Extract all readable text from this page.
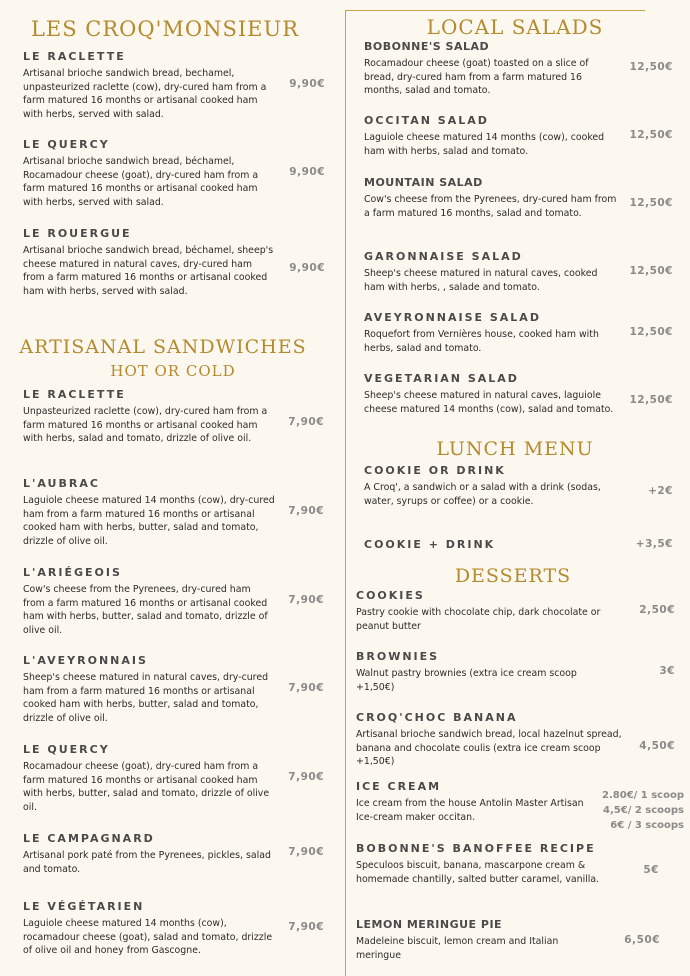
LES CROQ'MONSIEUR
LE RACLETTE
Artisanal brioche sandwich bread, bechamel, unpasteurized raclette (cow), dry-cured ham from a farm matured 16 months or artisanal cooked ham with herbs, served with salad.
9,90€
LE QUERCY
Artisanal brioche sandwich bread, béchamel, Rocamadour cheese (goat), dry-cured ham from a farm matured 16 months or artisanal cooked ham with herbs, served with salad.
9,90€
LE ROUERGUE
Artisanal brioche sandwich bread, béchamel, sheep's cheese matured in natural caves, dry-cured ham from a farm matured 16 months or artisanal cooked ham with herbs, served with salad.
9,90€
ARTISANAL SANDWICHES
HOT OR COLD
LE RACLETTE
Unpasteurized raclette (cow), dry-cured ham from a farm matured 16 months or artisanal cooked ham with herbs, salad and tomato, drizzle of olive oil.
7,90€
L'AUBRAC
Laguiole cheese matured 14 months (cow), dry-cured ham from a farm matured 16 months or artisanal cooked ham with herbs, butter, salad and tomato, drizzle of olive oil.
7,90€
L'ARIÉGEOIS
Cow's cheese from the Pyrenees, dry-cured ham from a farm matured 16 months or artisanal cooked ham with herbs, butter, salad and tomato, drizzle of olive oil.
7,90€
L'AVEYRONNAIS
Sheep's cheese matured in natural caves, dry-cured ham from a farm matured 16 months or artisanal cooked ham with herbs, butter, salad and tomato, drizzle of olive oil.
7,90€
LE QUERCY
Rocamadour cheese (goat), dry-cured ham from a farm matured 16 months or artisanal cooked ham with herbs, butter, salad and tomato, drizzle of olive oil.
7,90€
LE CAMPAGNARD
Artisanal pork paté from the Pyrenees, pickles, salad and tomato.
7,90€
LE VÉGÉTARIEN
Laguiole cheese matured 14 months (cow), rocamadour cheese (goat), salad and tomato, drizzle of olive oil and honey from Gascogne.
7,90€
LOCAL SALADS
BOBONNE'S SALAD
Rocamadour cheese (goat) toasted on a slice of bread, dry-cured ham from a farm matured 16 months, salad and tomato.
12,50€
OCCITAN SALAD
Laguiole cheese matured 14 months (cow), cooked ham with herbs, salad and tomato.
12,50€
MOUNTAIN SALAD
Cow's cheese from the Pyrenees, dry-cured ham from a farm matured 16 months, salad and tomato.
12,50€
GARONNAISE SALAD
Sheep's cheese matured in natural caves, cooked ham with herbs, , salade and tomato.
12,50€
AVEYRONNAISE SALAD
Roquefort from Vernières house, cooked ham with herbs, salad and tomato.
12,50€
VEGETARIAN SALAD
Sheep's cheese matured in natural caves, laguiole cheese matured 14 months (cow), salad and tomato.
12,50€
LUNCH MENU
COOKIE OR DRINK
A Croq', a sandwich or a salad with a drink (sodas, water, syrups or coffee) or a cookie.
+2€
COOKIE + DRINK	+3,5€
DESSERTS
COOKIES
Pastry cookie with chocolate chip, dark chocolate or peanut butter
2,50€
BROWNIES
Walnut pastry brownies (extra ice cream scoop +1,50€)
3€
CROQ'CHOC BANANA
Artisanal brioche sandwich bread, local hazelnut spread, banana and chocolate coulis (extra ice cream scoop +1,50€)
4,50€
ICE CREAM
Ice cream from the house Antolin Master Artisan Ice-cream maker occitan.
2.80€/ 1 scoop
4,5€/ 2 scoops
6€ / 3 scoops
BOBONNE'S BANOFFEE RECIPE
Speculoos biscuit, banana, mascarpone cream & homemade chantilly, salted butter caramel, vanilla.
5€
LEMON MERINGUE PIE
Madeleine biscuit, lemon cream and Italian meringue
6,50€
